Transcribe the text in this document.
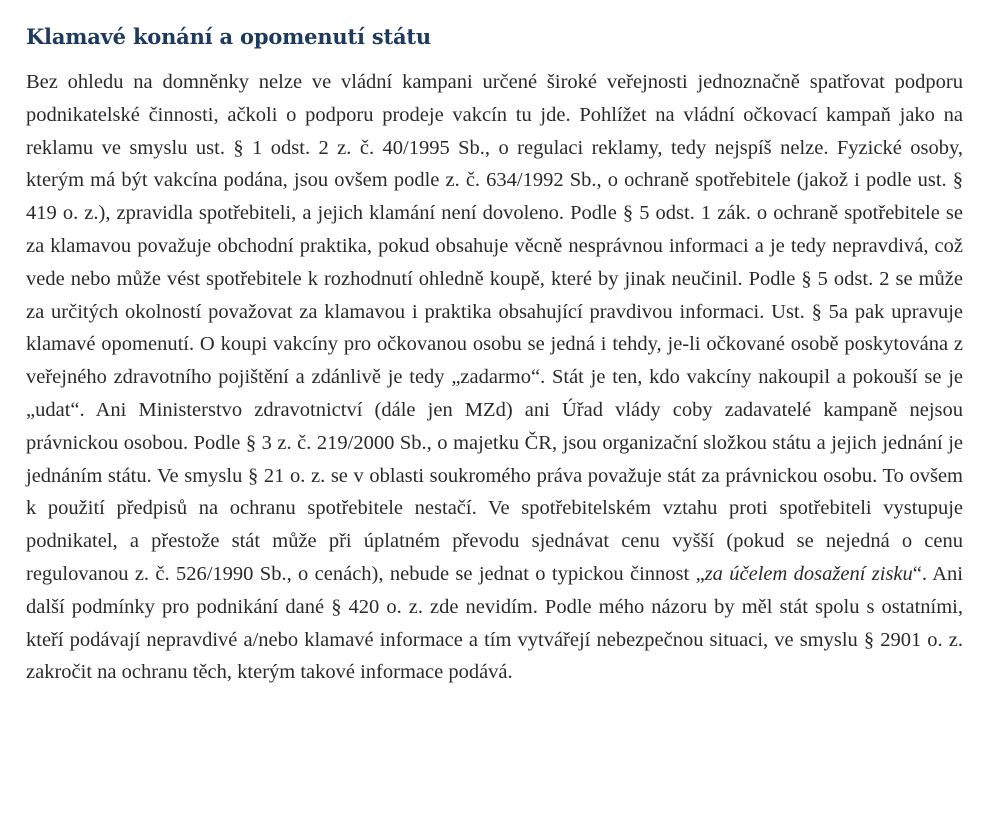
Klamavé konání a opomenutí státu

Bez ohledu na domněnky nelze ve vládní kampani určené široké veřejnosti jednoznačně spatřovat podporu podnikatelské činnosti, ačkoli o podporu prodeje vakcín tu jde. Pohlížet na vládní očkovací kampaň jako na reklamu ve smyslu ust. § 1 odst. 2 z. č. 40/1995 Sb., o regulaci reklamy, tedy nejspíš nelze. Fyzické osoby, kterým má být vakcína podána, jsou ovšem podle z. č. 634/1992 Sb., o ochraně spotřebitele (jakož i podle ust. § 419 o. z.), zpravidla spotřebiteli, a jejich klamání není dovoleno. Podle § 5 odst. 1 zák. o ochraně spotřebitele se za klamavou považuje obchodní praktika, pokud obsahuje věcně nesprávnou informaci a je tedy nepravdivá, což vede nebo může vést spotřebitele k rozhodnutí ohledně koupě, které by jinak neučinil. Podle § 5 odst. 2 se může za určitých okolností považovat za klamavou i praktika obsahující pravdivou informaci. Ust. § 5a pak upravuje klamavé opomenutí. O koupi vakcíny pro očkovanou osobu se jedná i tehdy, je-li očkované osobě poskytována z veřejného zdravotního pojištění a zdánlivě je tedy „zadarmo“. Stát je ten, kdo vakcíny nakoupil a pokouší se je „udat“. Ani Ministerstvo zdravotnictví (dále jen MZd) ani Úřad vlády coby zadavatelé kampaně nejsou právnickou osobou. Podle § 3 z. č. 219/2000 Sb., o majetku ČR, jsou organizační složkou státu a jejich jednání je jednáním státu. Ve smyslu § 21 o. z. se v oblasti soukromého práva považuje stát za právnickou osobu. To ovšem k použití předpisů na ochranu spotřebitele nestačí. Ve spotřebitelském vztahu proti spotřebiteli vystupuje podnikatel, a přestože stát může při úplatném převodu sjednávat cenu vyšší (pokud se nejedná o cenu regulovanou z. č. 526/1990 Sb., o cenách), nebude se jednat o typickou činnost „za účelem dosažení zisku“. Ani další podmínky pro podnikání dané § 420 o. z. zde nevidím. Podle mého názoru by měl stát spolu s ostatními, kteří podávají nepravdivé a/nebo klamavé informace a tím vytvářejí nebezpečnou situaci, ve smyslu § 2901 o. z. zakročit na ochranu těch, kterým takové informace podává.
